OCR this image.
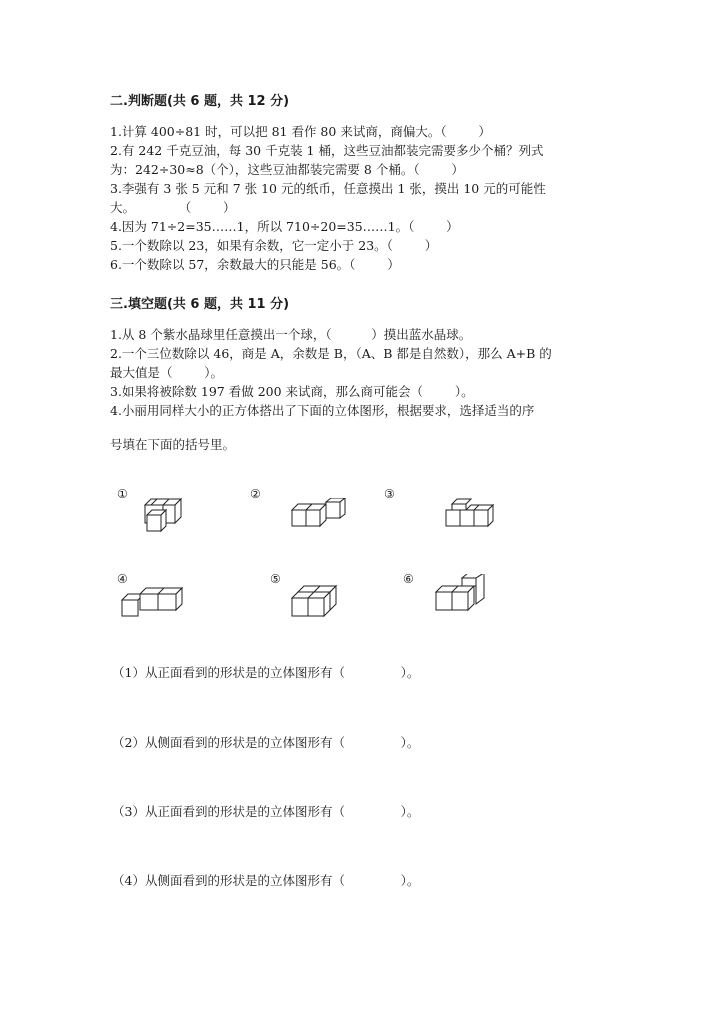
二.判断题(共 6 题，共 12 分)
1.计算 400÷81 时，可以把 81 看作 80 来试商，商偏大。（        ）
2.有 242 千克豆油，每 30 千克装 1 桶，这些豆油都装完需要多少个桶？列式
为：242÷30≈8（个），这些豆油都装完需要 8 个桶。（        ）
3.李强有 3 张 5 元和 7 张 10 元的纸币，任意摸出 1 张，摸出 10 元的可能性
大。           （        ）
4.因为 71÷2=35……1，所以 710÷20=35……1。（        ）
5.一个数除以 23，如果有余数，它一定小于 23。（        ）
6.一个数除以 57，余数最大的只能是 56。（        ）
三.填空题(共 6 题，共 11 分)
1.从 8 个紫水晶球里任意摸出一个球，（          ）摸出蓝水晶球。
2.一个三位数除以 46，商是 A，余数是 B，（A、B 都是自然数），那么 A+B 的
最大值是（        ）。
3.如果将被除数 197 看做 200 来试商，那么商可能会（        ）。
4.小丽用同样大小的正方体搭出了下面的立体图形，根据要求，选择适当的序
号填在下面的括号里。
①	②	③
④	⑤	⑥
（1）从正面看到的形状是的立体图形有（              ）。
（2）从侧面看到的形状是的立体图形有（              ）。
（3）从正面看到的形状是的立体图形有（              ）。
（4）从侧面看到的形状是的立体图形有（              ）。
